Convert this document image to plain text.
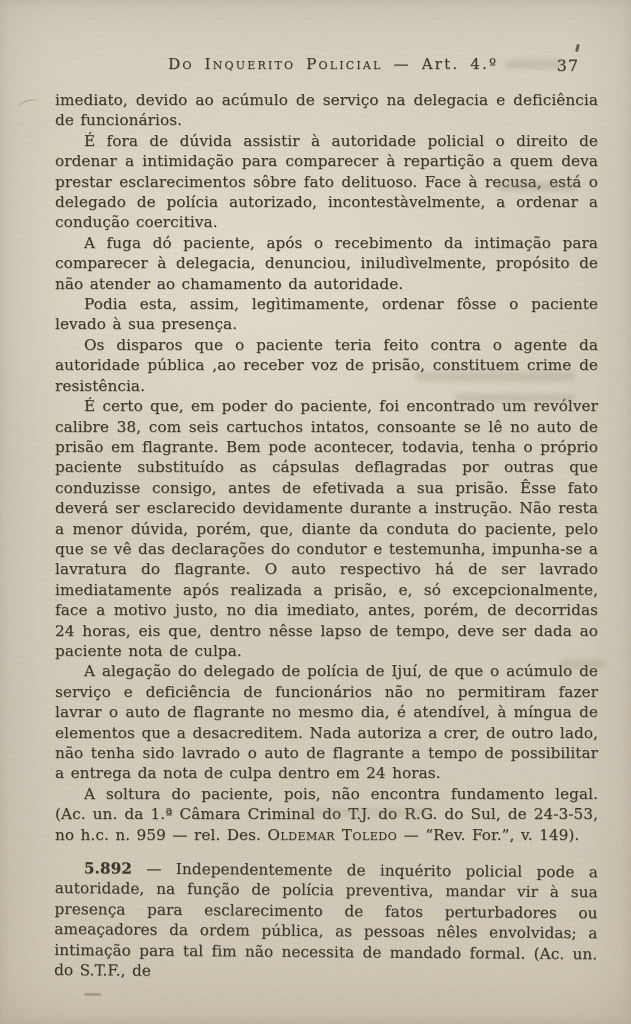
Do Inquerito Policial — Art. 4.º	37

imediato, devido ao acúmulo de serviço na delegacia e deficiência de funcionários.

É fora de dúvida assistir à autoridade policial o direito de ordenar a intimidação para comparecer à repartição a quem deva prestar esclarecimentos sôbre fato delituoso. Face à recusa, está o delegado de polícia autorizado, incontestàvelmente, a ordenar a condução coercitiva.

A fuga dó paciente, após o recebimento da intimação para comparecer à delegacia, denunciou, iniludìvelmente, propósito de não atender ao chamamento da autoridade.

Podia esta, assim, legìtimamente, ordenar fôsse o paciente levado à sua presença.

Os disparos que o paciente teria feito contra o agente da autoridade pública ,ao receber voz de prisão, constituem crime de resistência.

É certo que, em poder do paciente, foi encontrado um revólver calibre 38, com seis cartuchos intatos, consoante se lê no auto de prisão em flagrante. Bem pode acontecer, todavia, tenha o próprio paciente substituído as cápsulas deflagradas por outras que conduzisse consigo, antes de efetivada a sua prisão. Êsse fato deverá ser esclarecido devidamente durante a instrução. Não resta a menor dúvida, porém, que, diante da conduta do paciente, pelo que se vê das declarações do condutor e testemunha, impunha-se a lavratura do flagrante. O auto respectivo há de ser lavrado imediatamente após realizada a prisão, e, só excepcionalmente, face a motivo justo, no dia imediato, antes, porém, de decorridas 24 horas, eis que, dentro nêsse lapso de tempo, deve ser dada ao paciente nota de culpa.

A alegação do delegado de polícia de Ijuí, de que o acúmulo de serviço e deficiência de funcionários não no permitiram fazer lavrar o auto de flagrante no mesmo dia, é atendível, à míngua de elementos que a desacreditem. Nada autoriza a crer, de outro lado, não tenha sido lavrado o auto de flagrante a tempo de possibilitar a entrega da nota de culpa dentro em 24 horas.

A soltura do paciente, pois, não encontra fundamento legal. (Ac. un. da 1.ª Câmara Criminal do T.J. do R.G. do Sul, de 24-3-53, no h.c. n. 959 — rel. Des. Oldemar Toledo — “Rev. For.”, v. 149).

5.892 — Independentemente de inquérito policial pode a autoridade, na função de polícia preventiva, mandar vir à sua presença para esclarecimento de fatos perturbadores ou ameaçadores da ordem pública, as pessoas nêles envolvidas; a intimação para tal fim não necessita de mandado formal. (Ac. un. do S.T.F., de
